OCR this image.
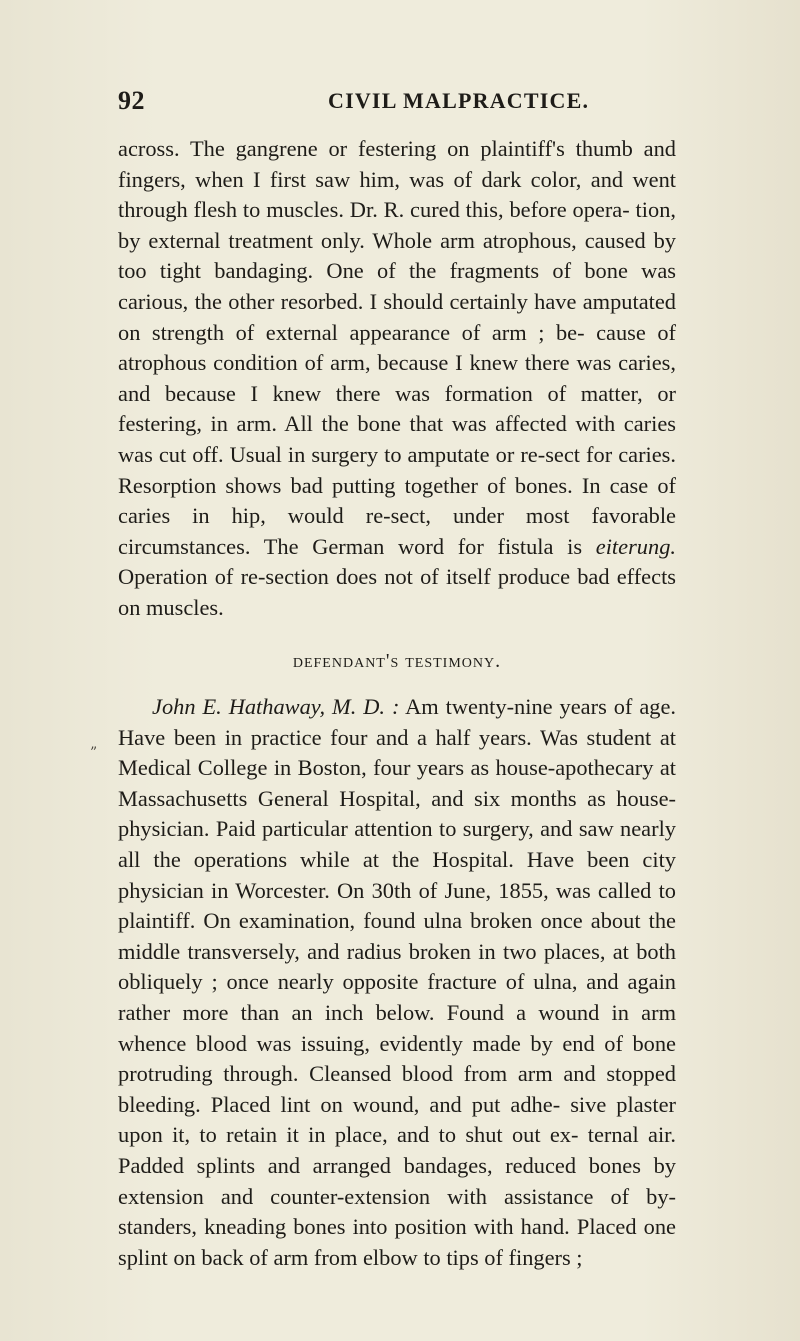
92	CIVIL MALPRACTICE.
”

across. The gangrene or festering on plaintiff's thumb and fingers, when I first saw him, was of dark color, and went through flesh to muscles. Dr. R. cured this, before opera- tion, by external treatment only. Whole arm atrophous, caused by too tight bandaging. One of the fragments of bone was carious, the other resorbed. I should certainly have amputated on strength of external appearance of arm ; be- cause of atrophous condition of arm, because I knew there was caries, and because I knew there was formation of matter, or festering, in arm. All the bone that was affected with caries was cut off. Usual in surgery to amputate or re-sect for caries. Resorption shows bad putting together of bones. In case of caries in hip, would re-sect, under most favorable circumstances. The German word for fistula is eiterung. Operation of re-section does not of itself produce bad effects on muscles.

defendant's testimony.

John E. Hathaway, M. D. : Am twenty-nine years of age. Have been in practice four and a half years. Was student at Medical College in Boston, four years as house-apothecary at Massachusetts General Hospital, and six months as house- physician. Paid particular attention to surgery, and saw nearly all the operations while at the Hospital. Have been city physician in Worcester. On 30th of June, 1855, was called to plaintiff. On examination, found ulna broken once about the middle transversely, and radius broken in two places, at both obliquely ; once nearly opposite fracture of ulna, and again rather more than an inch below. Found a wound in arm whence blood was issuing, evidently made by end of bone protruding through. Cleansed blood from arm and stopped bleeding. Placed lint on wound, and put adhe- sive plaster upon it, to retain it in place, and to shut out ex- ternal air. Padded splints and arranged bandages, reduced bones by extension and counter-extension with assistance of by-standers, kneading bones into position with hand. Placed one splint on back of arm from elbow to tips of fingers ;
